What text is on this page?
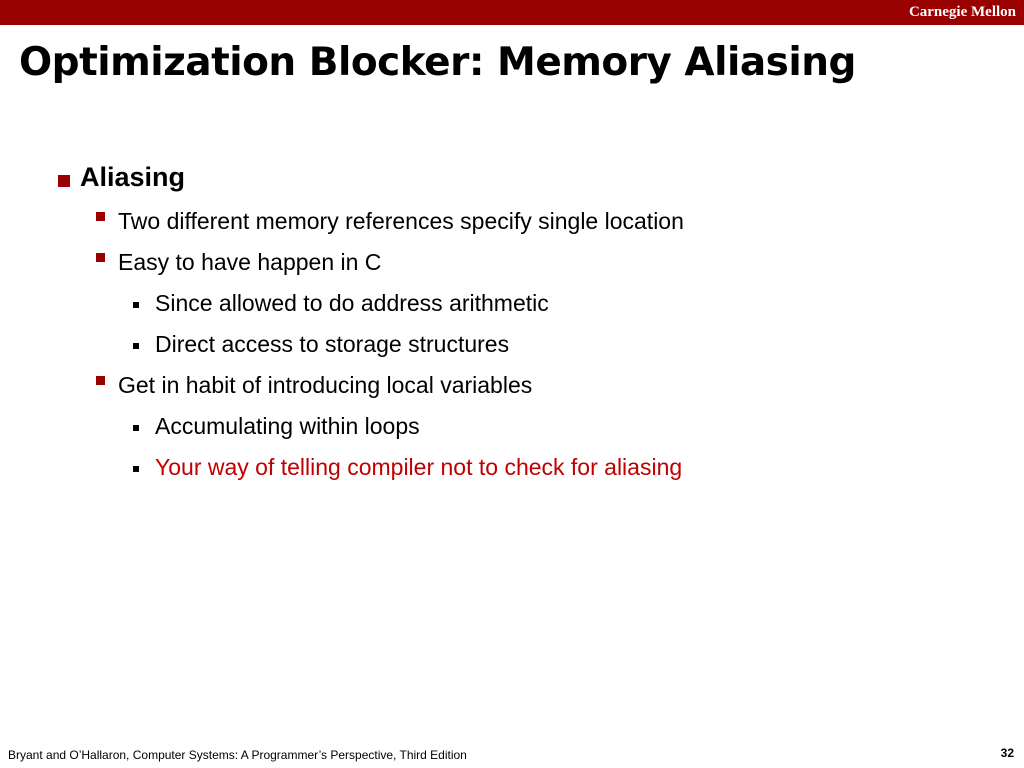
Carnegie Mellon
Optimization Blocker: Memory Aliasing
Aliasing
Two different memory references specify single location
Easy to have happen in C
Since allowed to do address arithmetic
Direct access to storage structures
Get in habit of introducing local variables
Accumulating within loops
Your way of telling compiler not to check for aliasing
Bryant and O’Hallaron, Computer Systems: A Programmer’s Perspective, Third Edition	32
